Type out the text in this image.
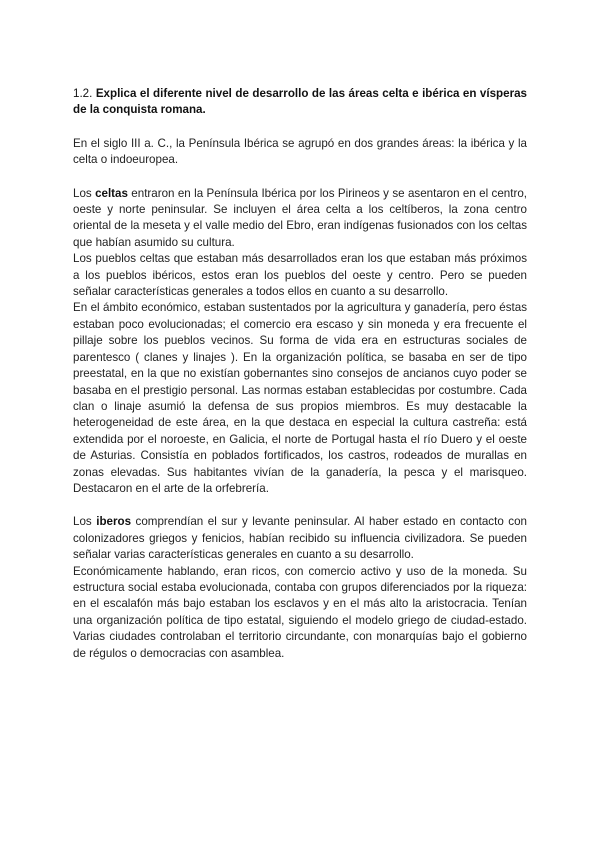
1.2. Explica el diferente nivel de desarrollo de las áreas celta e ibérica en vísperas de la conquista romana.

En el siglo III a. C., la Península Ibérica se agrupó en dos grandes áreas: la ibérica y la celta o indoeuropea.

Los celtas entraron en la Península Ibérica por los Pirineos y se asentaron en el centro, oeste y norte peninsular. Se incluyen el área celta a los celtíberos, la zona centro oriental de la meseta y el valle medio del Ebro, eran indígenas fusionados con los celtas que habían asumido su cultura.

Los pueblos celtas que estaban más desarrollados eran los que estaban más próximos a los pueblos ibéricos, estos eran los pueblos del oeste y centro. Pero se pueden señalar características generales a todos ellos en cuanto a su desarrollo.

En el ámbito económico, estaban sustentados por la agricultura y ganadería, pero éstas estaban poco evolucionadas; el comercio era escaso y sin moneda y era frecuente el pillaje sobre los pueblos vecinos. Su forma de vida era en estructuras sociales de parentesco ( clanes y linajes ). En la organización política, se basaba en ser de tipo preestatal, en la que no existían gobernantes sino consejos de ancianos cuyo poder se basaba en el prestigio personal. Las normas estaban establecidas por costumbre. Cada clan o linaje asumió la defensa de sus propios miembros. Es muy destacable la heterogeneidad de este área, en la que destaca en especial la cultura castreña: está extendida por el noroeste, en Galicia, el norte de Portugal hasta el río Duero y el oeste de Asturias. Consistía en poblados fortificados, los castros, rodeados de murallas en zonas elevadas. Sus habitantes vivían de la ganadería, la pesca y el marisqueo. Destacaron en el arte de la orfebrería.

Los iberos comprendían el sur y levante peninsular. Al haber estado en contacto con colonizadores griegos y fenicios, habían recibido su influencia civilizadora. Se pueden señalar varias características generales en cuanto a su desarrollo.

Económicamente hablando, eran ricos, con comercio activo y uso de la moneda. Su estructura social estaba evolucionada, contaba con grupos diferenciados por la riqueza: en el escalafón más bajo estaban los esclavos y en el más alto la aristocracia. Tenían una organización política de tipo estatal, siguiendo el modelo griego de ciudad-estado. Varias ciudades controlaban el territorio circundante, con monarquías bajo el gobierno de régulos o democracias con asamblea.
